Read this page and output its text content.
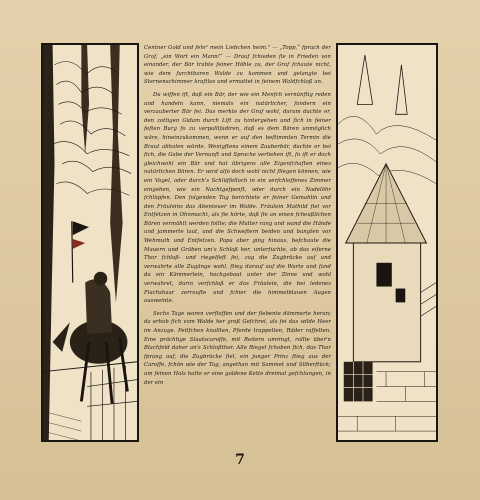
Centner Gold und fehr' mein Liebchen heim." — „Topp,“ fprach der Graf, „ein Wort ein Mann!“ — Drauf fchieden fie in Frieden von einander, der Bär trabte feiner Höhle zu, der Graf fchaute nicht, wie dem furchtbaren Walde zu kommen und gelangte bei Sternenschimmer kraftlos und ermattet in feinem Waldfchloß an.

Du wiffen ift, daß ein Bär, der wie ein Menfch vernünftig reden und handeln kann, niemals ein natürlicher, fondern ein verzauberter Bär fei. Das merkte der Graf wohl, darum dachte er, den zottigen Gidam durch Lift zu hintergehen und fich in feiner feften Burg fo zu verpallifadiren, daß es dem Bären unmöglich wäre, hineinzukommen, wenn er auf den beftimmten Termin die Braut abholen würde. Wenigftens einem Zauberbär, dachte er bei fich, die Gabe der Vernunft und Sprache verliehen ift, fo ift er doch gleichwohl ein Bär und hat übrigens alle Eigenfchaften eines natürlichen Bären. Er wird alfo doch wohl nicht fliegen können, wie ein Vogel, oder durch's Schlüffelloch in ein verfchloffenes Zimmer eingehen, wie ein Nachtgefpenft, oder durch ein Nadelöhr fchlüpfen. Den folgenden Tag berichtete er feiner Gemahlin und den Fräuleins das Abenteuer im Walde. Fräulein Mathild fiel vor Entfetzen in Ohnmacht, als fie hörte, daß fie an einen fcheußlichen Bären vermählt werden follte; die Mutter rang und wand die Hände und jammerte laut, und die Schweftern beiden und bangten vor Wehmuth und Entfetzen. Papa aber ging hinaus, befchaute die Mauern und Gräben um's Schloß her, unterfuchte, ob das eiferne Thor fchloß- und riegelfeft fei, zog die Zugbrücke auf und verwahrte alle Zugänge wohl, ftieg darauf auf die Warte und fand da ein Kämmerlein, hochgebaut unter der Zinne und wohl verwahret, darin verfchloß er das Fräulein, die bei ledenes Flachshaar zerraufte und fchier die himmelblauen Augen ausweinte.

Sechs Tage waren verfloffen und der fiebente dämmerte heran; da erhob fich vom Walde her groß Gefchrei, als fei das wilde Heer im Anzuge. Peitfchen knallten, Pferde trappelten, Räder raffelten. Eine prächtige Staatscaroffe, mit Reitern umringt, rollte über'n Blachfeld daher an's Schloßthor. Alle Riegel fchoben fich, das Thor fprang auf, die Zugbrücke fiel, ein junger Prinz ftieg aus der Caroffe, fchön wie der Tag, angethan mit Sammet und Silberftück; um feinen Hals hatte er eine goldene Kette dreimal gefchlungen, in der ein

7
